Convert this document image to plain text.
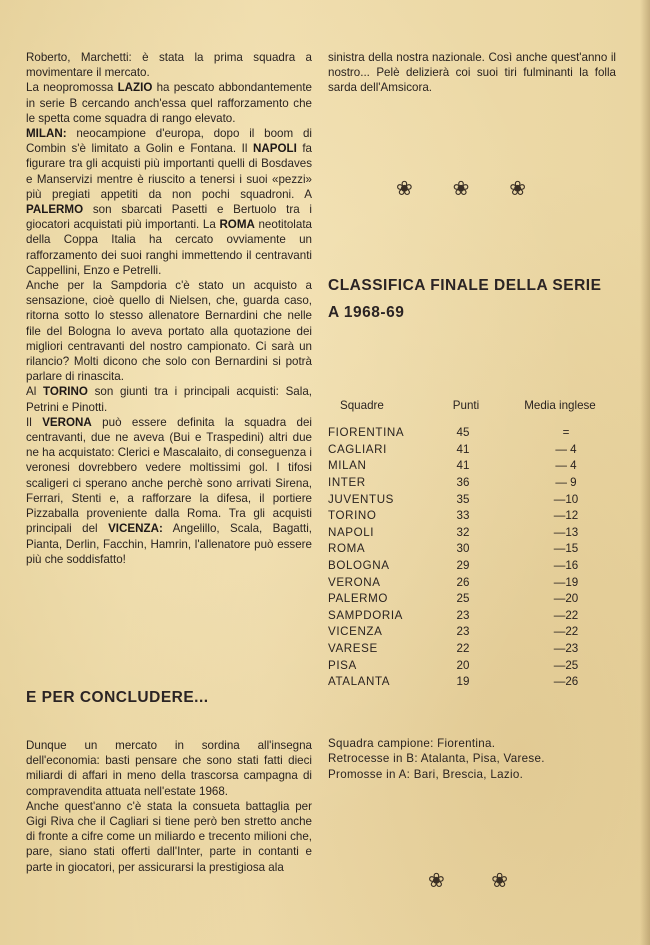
Roberto, Marchetti: è stata la prima squadra a movimentare il mercato.

La neopromossa LAZIO ha pescato abbondantemente in serie B cercando anch'essa quel rafforzamento che le spetta come squadra di rango elevato.

MILAN: neocampione d'europa, dopo il boom di Combin s'è limitato a Golin e Fontana. Il NAPOLI fa figurare tra gli acquisti più importanti quelli di Bosdaves e Manservizi mentre è riuscito a tenersi i suoi «pezzi» più pregiati appetiti da non pochi squadroni. A PALERMO son sbarcati Pasetti e Bertuolo tra i giocatori acquistati più importanti. La ROMA neotitolata della Coppa Italia ha cercato ovviamente un rafforzamento dei suoi ranghi immettendo il centravanti Cappellini, Enzo e Petrelli.

Anche per la Sampdoria c'è stato un acquisto a sensazione, cioè quello di Nielsen, che, guarda caso, ritorna sotto lo stesso allenatore Bernardini che nelle file del Bologna lo aveva portato alla quotazione dei migliori centravanti del nostro campionato. Ci sarà un rilancio? Molti dicono che solo con Bernardini si potrà parlare di rinascita.

Al TORINO son giunti tra i principali acquisti: Sala, Petrini e Pinotti.

Il VERONA può essere definita la squadra dei centravanti, due ne aveva (Bui e Traspedini) altri due ne ha acquistato: Clerici e Mascalaito, di conseguenza i veronesi dovrebbero vedere moltissimi gol. I tifosi scaligeri ci sperano anche perchè sono arrivati Sirena, Ferrari, Stenti e, a rafforzare la difesa, il portiere Pizzaballa proveniente dalla Roma. Tra gli acquisti principali del VICENZA: Angelillo, Scala, Bagatti, Pianta, Derlin, Facchin, Hamrin, l'allenatore può essere più che soddisfatto!

E PER CONCLUDERE...

Dunque un mercato in sordina all'insegna dell'economia: basti pensare che sono stati fatti dieci miliardi di affari in meno della trascorsa campagna di compravendita attuata nell'estate 1968.

Anche quest'anno c'è stata la consueta battaglia per Gigi Riva che il Cagliari si tiene però ben stretto anche di fronte a cifre come un miliardo e trecento milioni che, pare, siano stati offerti dall'Inter, parte in contanti e parte in giocatori, per assicurarsi la prestigiosa ala

sinistra della nostra nazionale. Così anche quest'anno il nostro... Pelè delizierà coi suoi tiri fulminanti la folla sarda dell'Amsicora.

❀ ❀ ❀
CLASSIFICA FINALE DELLA SERIE A 1968-69
Squadre	Punti	Media inglese
FIORENTINA	45	=
CAGLIARI	41	— 4
MILAN	41	— 4
INTER	36	— 9
JUVENTUS	35	—10
TORINO	33	—12
NAPOLI	32	—13
ROMA	30	—15
BOLOGNA	29	—16
VERONA	26	—19
PALERMO	25	—20
SAMPDORIA	23	—22
VICENZA	23	—22
VARESE	22	—23
PISA	20	—25
ATALANTA	19	—26
Squadra campione: Fiorentina.
Retrocesse in B: Atalanta, Pisa, Varese.
Promosse in A: Bari, Brescia, Lazio.
❀ ❀
